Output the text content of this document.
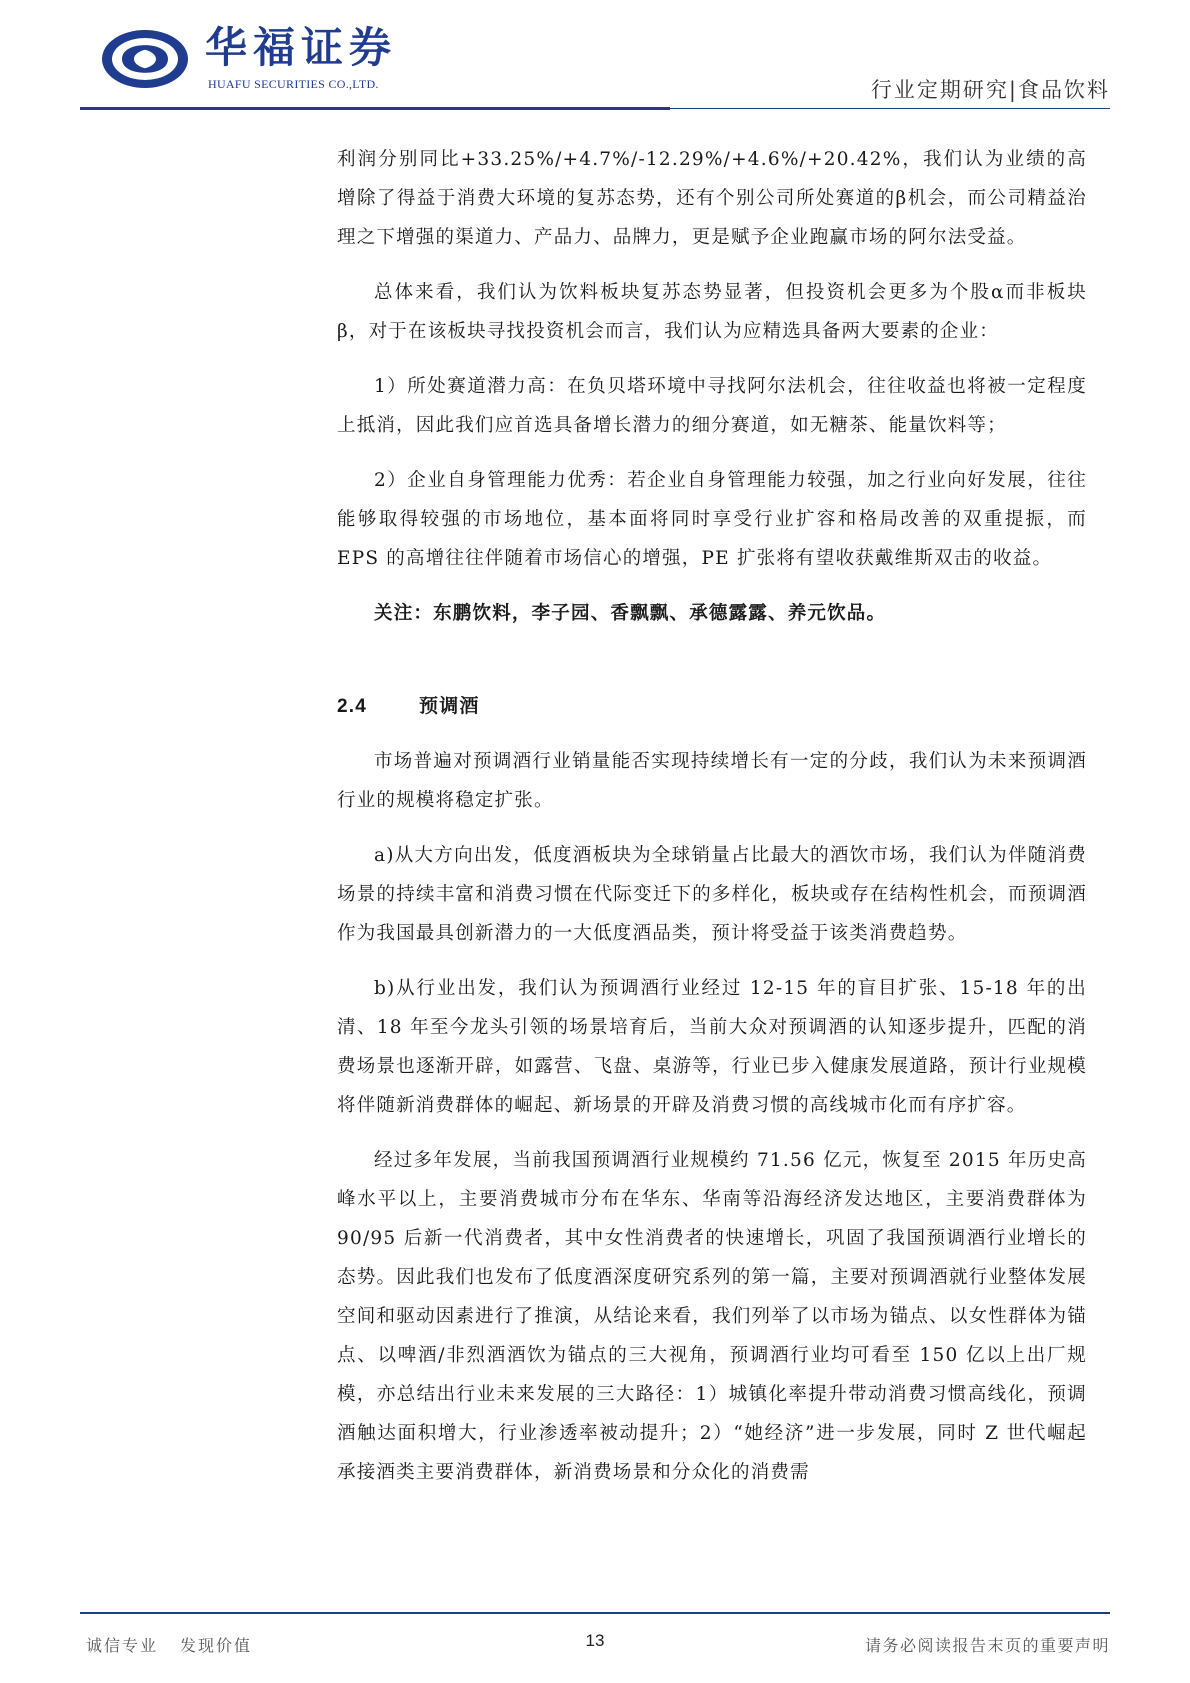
华福证券
HUAFU SECURITIES CO.,LTD.	行业定期研究|食品饮料

利润分别同比+33.25%/+4.7%/-12.29%/+4.6%/+20.42%，我们认为业绩的高增除了得益于消费大环境的复苏态势，还有个别公司所处赛道的β机会，而公司精益治理之下增强的渠道力、产品力、品牌力，更是赋予企业跑赢市场的阿尔法受益。

总体来看，我们认为饮料板块复苏态势显著，但投资机会更多为个股α而非板块β，对于在该板块寻找投资机会而言，我们认为应精选具备两大要素的企业：

1）所处赛道潜力高：在负贝塔环境中寻找阿尔法机会，往往收益也将被一定程度上抵消，因此我们应首选具备增长潜力的细分赛道，如无糖茶、能量饮料等；

2）企业自身管理能力优秀：若企业自身管理能力较强，加之行业向好发展，往往能够取得较强的市场地位，基本面将同时享受行业扩容和格局改善的双重提振，而 EPS 的高增往往伴随着市场信心的增强，PE 扩张将有望收获戴维斯双击的收益。

关注：东鹏饮料，李子园、香飘飘、承德露露、养元饮品。

2.4	预调酒

市场普遍对预调酒行业销量能否实现持续增长有一定的分歧，我们认为未来预调酒行业的规模将稳定扩张。

a)从大方向出发，低度酒板块为全球销量占比最大的酒饮市场，我们认为伴随消费场景的持续丰富和消费习惯在代际变迁下的多样化，板块或存在结构性机会，而预调酒作为我国最具创新潜力的一大低度酒品类，预计将受益于该类消费趋势。

b)从行业出发，我们认为预调酒行业经过 12-15 年的盲目扩张、15-18 年的出清、18 年至今龙头引领的场景培育后，当前大众对预调酒的认知逐步提升，匹配的消费场景也逐渐开辟，如露营、飞盘、桌游等，行业已步入健康发展道路，预计行业规模将伴随新消费群体的崛起、新场景的开辟及消费习惯的高线城市化而有序扩容。

经过多年发展，当前我国预调酒行业规模约 71.56 亿元，恢复至 2015 年历史高峰水平以上，主要消费城市分布在华东、华南等沿海经济发达地区，主要消费群体为 90/95 后新一代消费者，其中女性消费者的快速增长，巩固了我国预调酒行业增长的态势。因此我们也发布了低度酒深度研究系列的第一篇，主要对预调酒就行业整体发展空间和驱动因素进行了推演，从结论来看，我们列举了以市场为锚点、以女性群体为锚点、以啤酒/非烈酒酒饮为锚点的三大视角，预调酒行业均可看至 150 亿以上出厂规模，亦总结出行业未来发展的三大路径：1）城镇化率提升带动消费习惯高线化，预调酒触达面积增大，行业渗透率被动提升；2）“她经济”进一步发展，同时 Z 世代崛起承接酒类主要消费群体，新消费场景和分众化的消费需

诚信专业 发现价值	13	请务必阅读报告末页的重要声明
